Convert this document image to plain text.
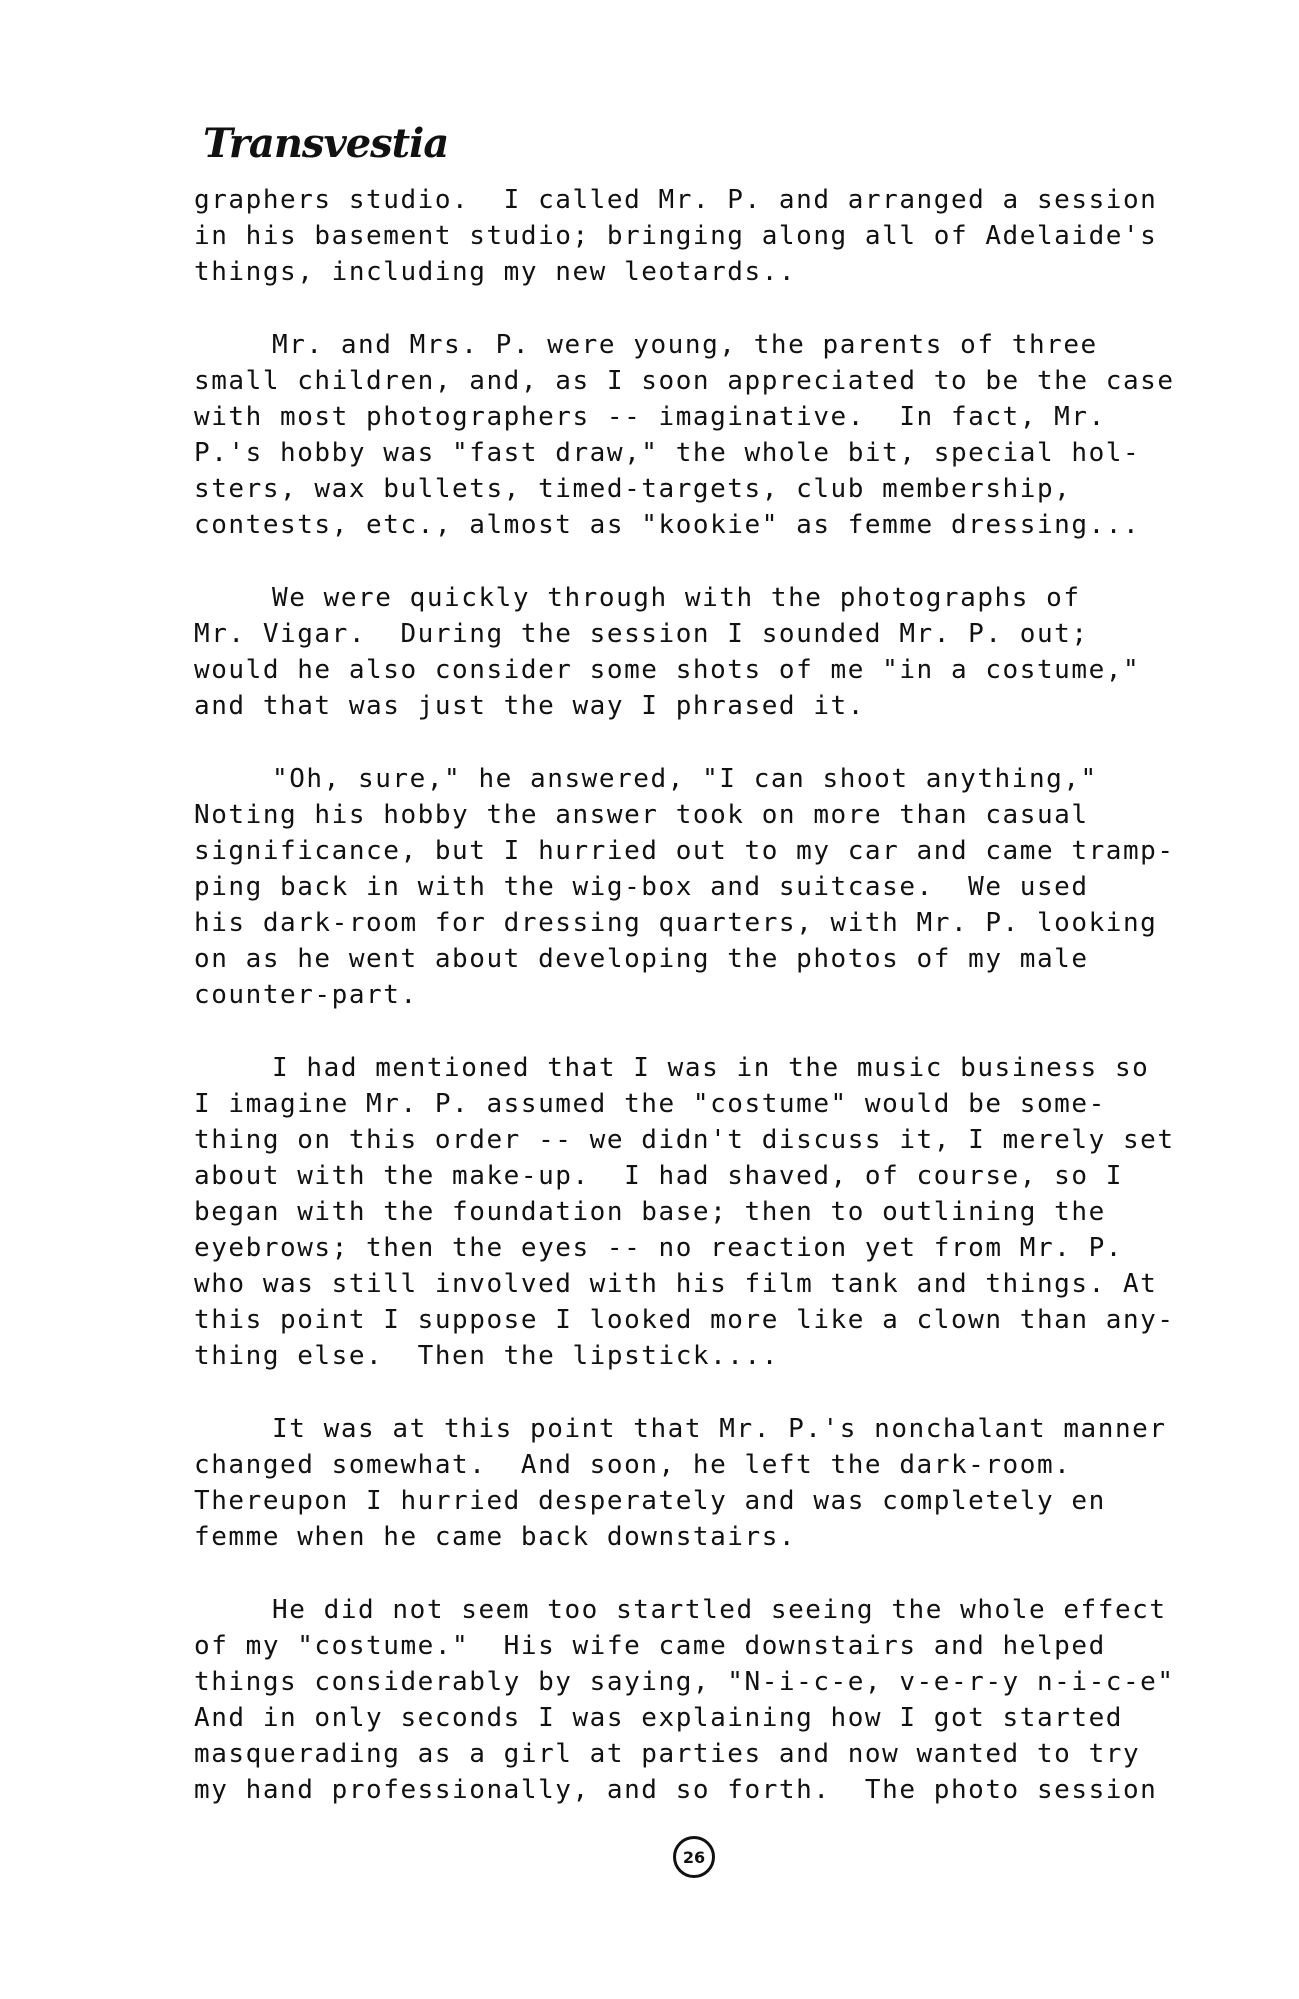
Transvestia
graphers studio.  I called Mr. P. and arranged a session
in his basement studio; bringing along all of Adelaide's
things, including my new leotards..
Mr. and Mrs. P. were young, the parents of three
small children, and, as I soon appreciated to be the case
with most photographers -- imaginative.  In fact, Mr.
P.'s hobby was "fast draw," the whole bit, special hol-
sters, wax bullets, timed-targets, club membership,
contests, etc., almost as "kookie" as femme dressing...
We were quickly through with the photographs of
Mr. Vigar.  During the session I sounded Mr. P. out;
would he also consider some shots of me "in a costume,"
and that was just the way I phrased it.
"Oh, sure," he answered, "I can shoot anything,"
Noting his hobby the answer took on more than casual
significance, but I hurried out to my car and came tramp-
ping back in with the wig-box and suitcase.  We used
his dark-room for dressing quarters, with Mr. P. looking
on as he went about developing the photos of my male
counter-part.
I had mentioned that I was in the music business so
I imagine Mr. P. assumed the "costume" would be some-
thing on this order -- we didn't discuss it, I merely set
about with the make-up.  I had shaved, of course, so I
began with the foundation base; then to outlining the
eyebrows; then the eyes -- no reaction yet from Mr. P.
who was still involved with his film tank and things. At
this point I suppose I looked more like a clown than any-
thing else.  Then the lipstick....
It was at this point that Mr. P.'s nonchalant manner
changed somewhat.  And soon, he left the dark-room.
Thereupon I hurried desperately and was completely en
femme when he came back downstairs.
He did not seem too startled seeing the whole effect
of my "costume."  His wife came downstairs and helped
things considerably by saying, "N-i-c-e, v-e-r-y n-i-c-e"
And in only seconds I was explaining how I got started
masquerading as a girl at parties and now wanted to try
my hand professionally, and so forth.  The photo session
26
